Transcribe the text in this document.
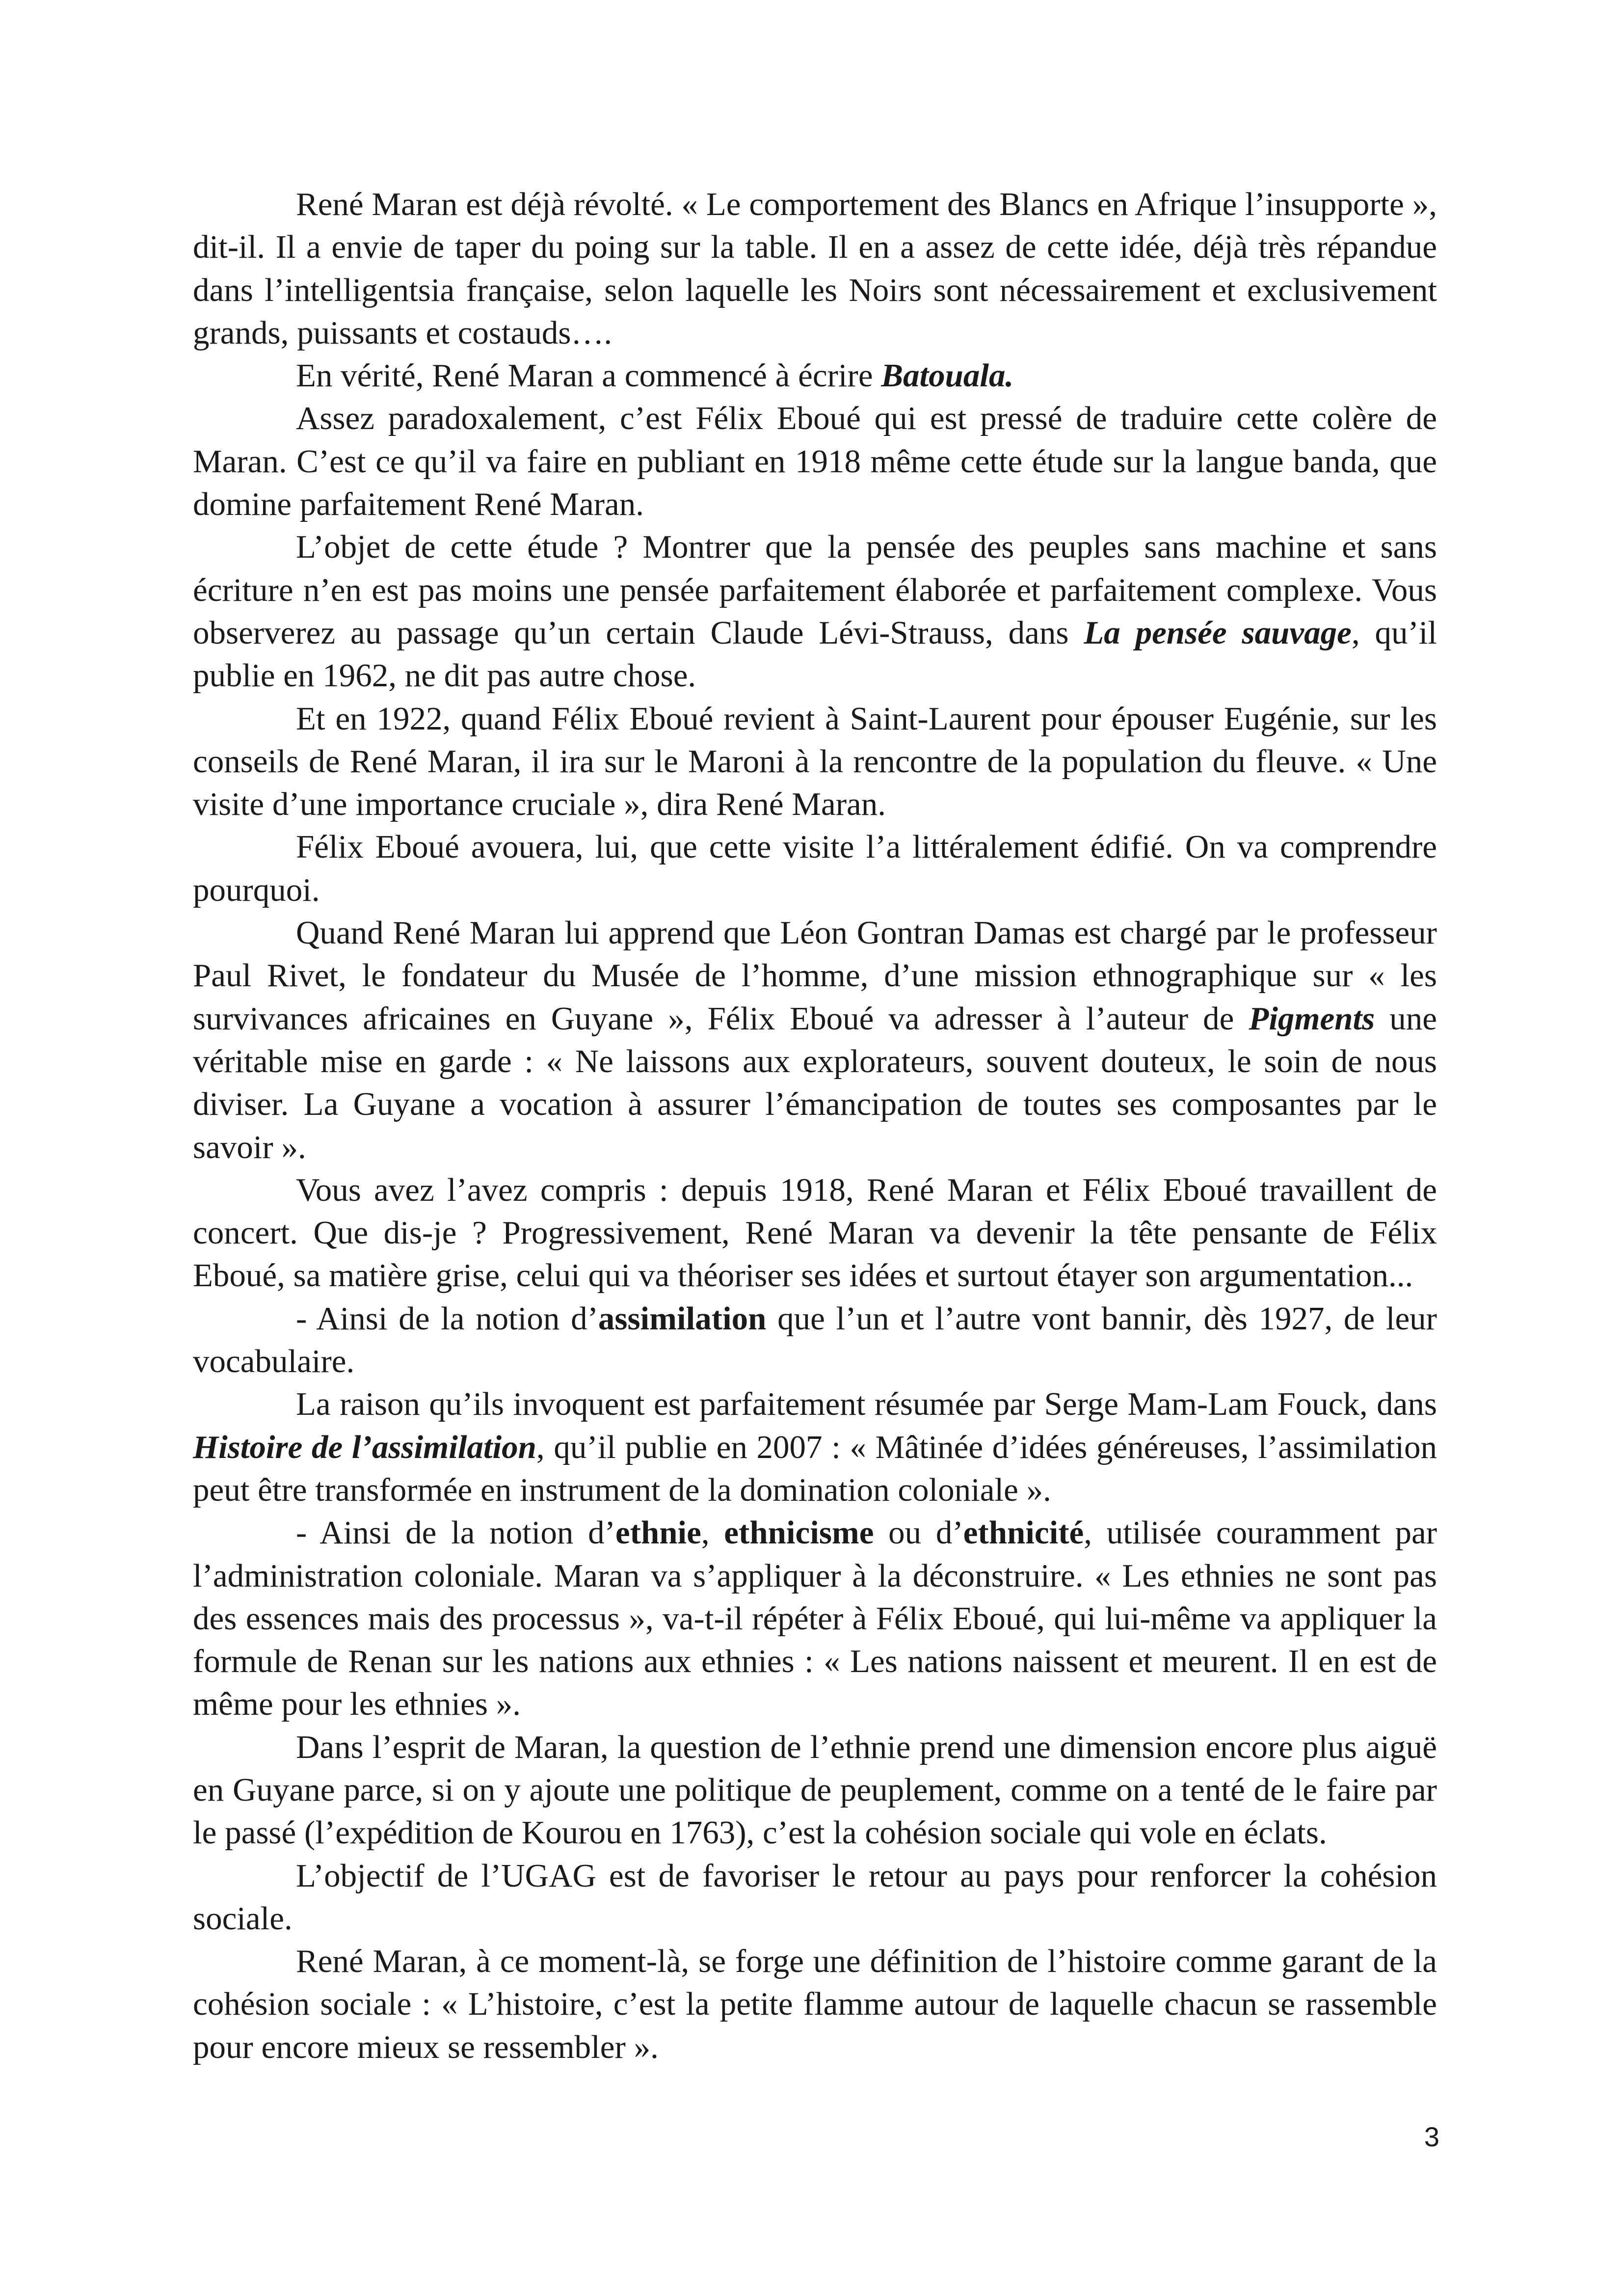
René Maran est déjà révolté. « Le comportement des Blancs en Afrique l’insupporte », dit-il. Il a envie de taper du poing sur la table. Il en a assez de cette idée, déjà très répandue dans l’intelligentsia française, selon laquelle les Noirs sont nécessairement et exclusivement grands, puissants et costauds….

En vérité, René Maran a commencé à écrire Batouala.

Assez paradoxalement, c’est Félix Eboué qui est pressé de traduire cette colère de Maran. C’est ce qu’il va faire en publiant en 1918 même cette étude sur la langue banda, que domine parfaitement René Maran.

L’objet de cette étude ? Montrer que la pensée des peuples sans machine et sans écriture n’en est pas moins une pensée parfaitement élaborée et parfaitement complexe. Vous observerez au passage qu’un certain Claude Lévi-Strauss, dans La pensée sauvage, qu’il publie en 1962, ne dit pas autre chose.

Et en 1922, quand Félix Eboué revient à Saint-Laurent pour épouser Eugénie, sur les conseils de René Maran, il ira sur le Maroni à la rencontre de la population du fleuve. « Une visite d’une importance cruciale », dira René Maran.

Félix Eboué avouera, lui, que cette visite l’a littéralement édifié. On va comprendre pourquoi.

Quand René Maran lui apprend que Léon Gontran Damas est chargé par le professeur Paul Rivet, le fondateur du Musée de l’homme, d’une mission ethnographique sur « les survivances africaines en Guyane », Félix Eboué va adresser à l’auteur de Pigments une véritable mise en garde : « Ne laissons aux explorateurs, souvent douteux, le soin de nous diviser. La Guyane a vocation à assurer l’émancipation de toutes ses composantes par le savoir ».

Vous avez l’avez compris : depuis 1918, René Maran et Félix Eboué travaillent de concert. Que dis-je ? Progressivement, René Maran va devenir la tête pensante de Félix Eboué, sa matière grise, celui qui va théoriser ses idées et surtout étayer son argumentation...

- Ainsi de la notion d’assimilation que l’un et l’autre vont bannir, dès 1927, de leur vocabulaire.

La raison qu’ils invoquent est parfaitement résumée par Serge Mam-Lam Fouck, dans Histoire de l’assimilation, qu’il publie en 2007 : « Mâtinée d’idées généreuses, l’assimilation peut être transformée en instrument de la domination coloniale ».

- Ainsi de la notion d’ethnie, ethnicisme ou d’ethnicité, utilisée couramment par l’administration coloniale. Maran va s’appliquer à la déconstruire. « Les ethnies ne sont pas des essences mais des processus », va-t-il répéter à Félix Eboué, qui lui-même va appliquer la formule de Renan sur les nations aux ethnies : « Les nations naissent et meurent. Il en est de même pour les ethnies ».

Dans l’esprit de Maran, la question de l’ethnie prend une dimension encore plus aiguë en Guyane parce, si on y ajoute une politique de peuplement, comme on a tenté de le faire par le passé (l’expédition de Kourou en 1763), c’est la cohésion sociale qui vole en éclats.

L’objectif de l’UGAG est de favoriser le retour au pays pour renforcer la cohésion sociale.

René Maran, à ce moment-là, se forge une définition de l’histoire comme garant de la cohésion sociale : « L’histoire, c’est la petite flamme autour de laquelle chacun se rassemble pour encore mieux se ressembler ».

3
